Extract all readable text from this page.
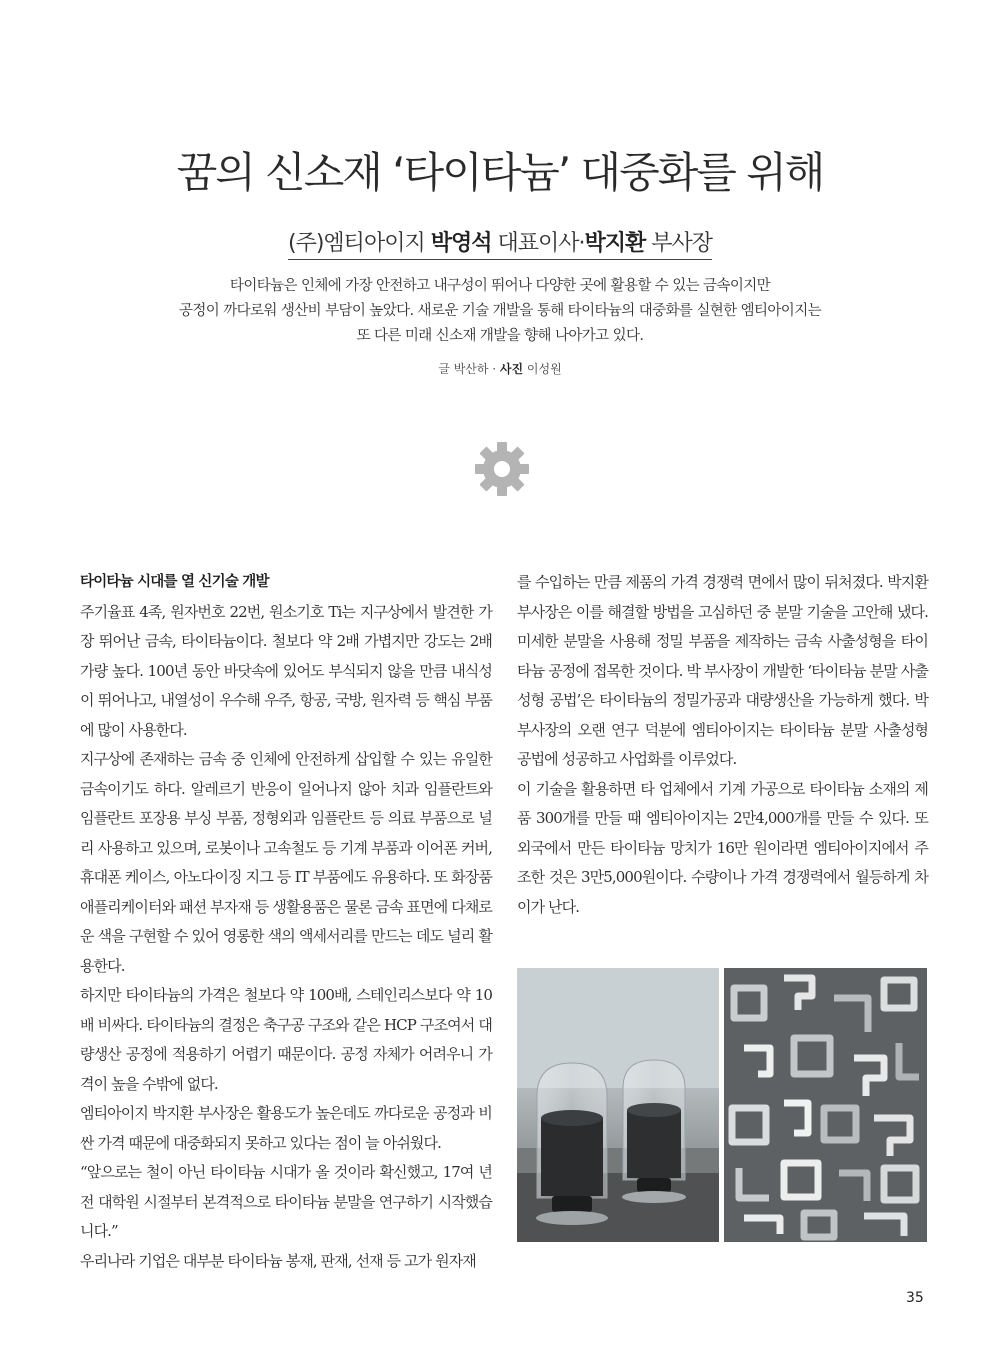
꿈의 신소재 ‘타이타늄’ 대중화를 위해
(주)엠티아이지 박영석 대표이사·박지환 부사장

타이타늄은 인체에 가장 안전하고 내구성이 뛰어나 다양한 곳에 활용할 수 있는 금속이지만

공정이 까다로워 생산비 부담이 높았다. 새로운 기술 개발을 통해 타이타늄의 대중화를 실현한 엠티아이지는

또 다른 미래 신소재 개발을 향해 나아가고 있다.

글 박산하 · 사진 이성원
타이타늄 시대를 열 신기술 개발

주기율표 4족, 원자번호 22번, 원소기호 Ti는 지구상에서 발견한 가장 뛰어난 금속, 타이타늄이다. 철보다 약 2배 가볍지만 강도는 2배가량 높다. 100년 동안 바닷속에 있어도 부식되지 않을 만큼 내식성이 뛰어나고, 내열성이 우수해 우주, 항공, 국방, 원자력 등 핵심 부품에 많이 사용한다.

지구상에 존재하는 금속 중 인체에 안전하게 삽입할 수 있는 유일한 금속이기도 하다. 알레르기 반응이 일어나지 않아 치과 임플란트와 임플란트 포장용 부싱 부품, 정형외과 임플란트 등 의료 부품으로 널리 사용하고 있으며, 로봇이나 고속철도 등 기계 부품과 이어폰 커버, 휴대폰 케이스, 아노다이징 지그 등 IT 부품에도 유용하다. 또 화장품 애플리케이터와 패션 부자재 등 생활용품은 물론 금속 표면에 다채로운 색을 구현할 수 있어 영롱한 색의 액세서리를 만드는 데도 널리 활용한다.

하지만 타이타늄의 가격은 철보다 약 100배, 스테인리스보다 약 10배 비싸다. 타이타늄의 결정은 축구공 구조와 같은 HCP 구조여서 대량생산 공정에 적용하기 어렵기 때문이다. 공정 자체가 어려우니 가격이 높을 수밖에 없다.

엠티아이지 박지환 부사장은 활용도가 높은데도 까다로운 공정과 비싼 가격 때문에 대중화되지 못하고 있다는 점이 늘 아쉬웠다.

“앞으로는 철이 아닌 타이타늄 시대가 올 것이라 확신했고, 17여 년 전 대학원 시절부터 본격적으로 타이타늄 분말을 연구하기 시작했습니다.”

우리나라 기업은 대부분 타이타늄 봉재, 판재, 선재 등 고가 원자재

를 수입하는 만큼 제품의 가격 경쟁력 면에서 많이 뒤처졌다. 박지환 부사장은 이를 해결할 방법을 고심하던 중 분말 기술을 고안해 냈다. 미세한 분말을 사용해 정밀 부품을 제작하는 금속 사출성형을 타이타늄 공정에 접목한 것이다. 박 부사장이 개발한 ‘타이타늄 분말 사출성형 공법’은 타이타늄의 정밀가공과 대량생산을 가능하게 했다. 박 부사장의 오랜 연구 덕분에 엠티아이지는 타이타늄 분말 사출성형 공법에 성공하고 사업화를 이루었다.

이 기술을 활용하면 타 업체에서 기계 가공으로 타이타늄 소재의 제품 300개를 만들 때 엠티아이지는 2만4,000개를 만들 수 있다. 또 외국에서 만든 타이타늄 망치가 16만 원이라면 엠티아이지에서 주조한 것은 3만5,000원이다. 수량이나 가격 경쟁력에서 월등하게 차이가 난다.

35
